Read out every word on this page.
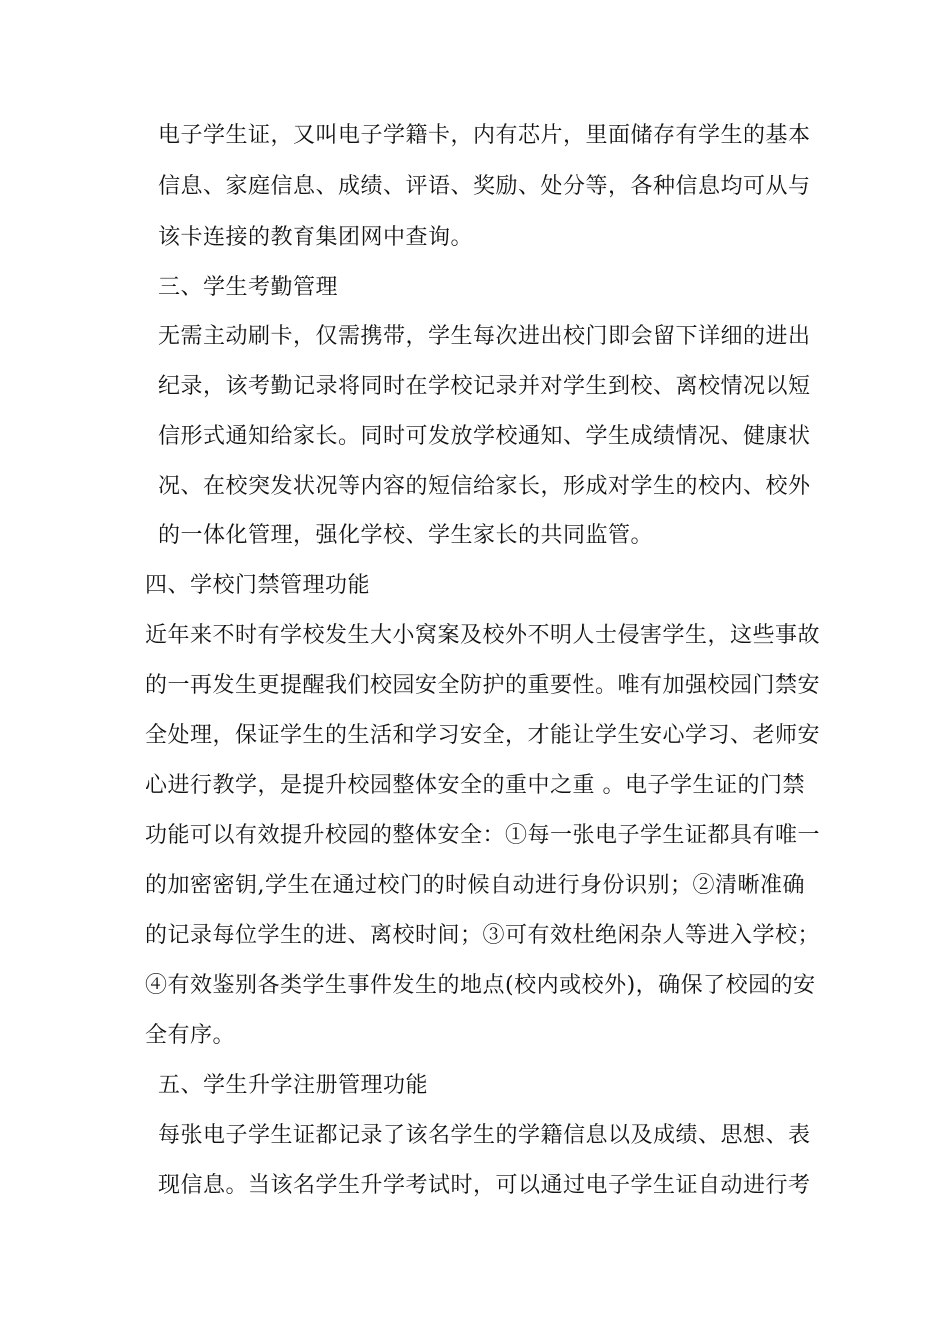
电子学生证，又叫电子学籍卡，内有芯片，里面储存有学生的基本
信息、家庭信息、成绩、评语、奖励、处分等，各种信息均可从与
该卡连接的教育集团网中查询。
三、学生考勤管理
无需主动刷卡，仅需携带，学生每次进出校门即会留下详细的进出
纪录，该考勤记录将同时在学校记录并对学生到校、离校情况以短
信形式通知给家长。同时可发放学校通知、学生成绩情况、健康状
况、在校突发状况等内容的短信给家长，形成对学生的校内、校外
的一体化管理，强化学校、学生家长的共同监管。
四、学校门禁管理功能
近年来不时有学校发生大小窝案及校外不明人士侵害学生，这些事故
的一再发生更提醒我们校园安全防护的重要性。唯有加强校园门禁安
全处理，保证学生的生活和学习安全，才能让学生安心学习、老师安
心进行教学，是提升校园整体安全的重中之重 。电子学生证的门禁
功能可以有效提升校园的整体安全：①每一张电子学生证都具有唯一
的加密密钥,学生在通过校门的时候自动进行身份识别；②清晰准确
的记录每位学生的进、离校时间；③可有效杜绝闲杂人等进入学校；
④有效鉴别各类学生事件发生的地点(校内或校外)，确保了校园的安
全有序。
五、学生升学注册管理功能
每张电子学生证都记录了该名学生的学籍信息以及成绩、思想、表
现信息。当该名学生升学考试时，可以通过电子学生证自动进行考
